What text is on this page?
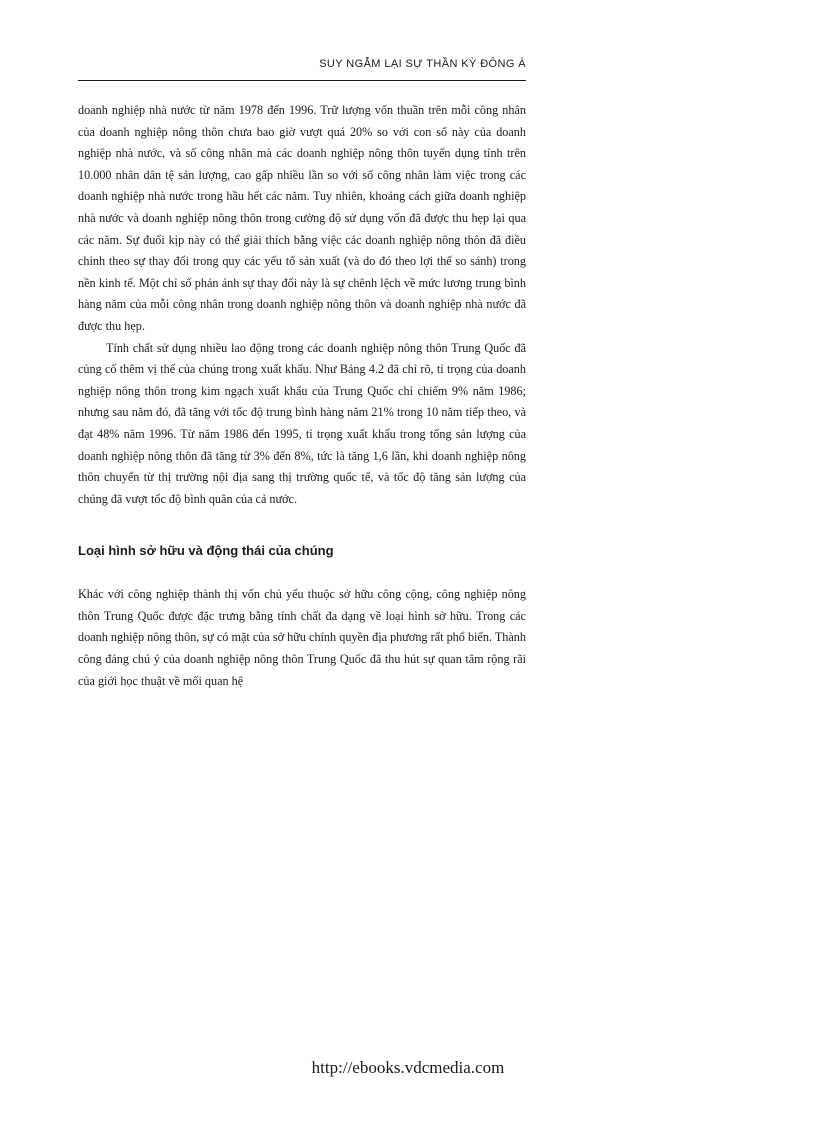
SUY NGẪM LẠI SỰ THẦN KỲ ĐÔNG Á

doanh nghiệp nhà nước từ năm 1978 đến 1996. Trữ lượng vốn thuần trên mỗi công nhân của doanh nghiệp nông thôn chưa bao giờ vượt quá 20% so với con số này của doanh nghiệp nhà nước, và số công nhân mà các doanh nghiệp nông thôn tuyển dụng tính trên 10.000 nhân dân tệ sản lượng, cao gấp nhiều lần so với số công nhân làm việc trong các doanh nghiệp nhà nước trong hầu hết các năm. Tuy nhiên, khoảng cách giữa doanh nghiệp nhà nước và doanh nghiệp nông thôn trong cường độ sử dụng vốn đã được thu hẹp lại qua các năm. Sự đuổi kịp này có thể giải thích bằng việc các doanh nghiệp nông thôn đã điều chỉnh theo sự thay đổi trong quy các yếu tố sản xuất (và do đó theo lợi thế so sánh) trong nền kinh tế. Một chỉ số phản ánh sự thay đổi này là sự chênh lệch về mức lương trung bình hàng năm của mỗi công nhân trong doanh nghiệp nông thôn và doanh nghiệp nhà nước đã được thu hẹp.

Tính chất sử dụng nhiều lao động trong các doanh nghiệp nông thôn Trung Quốc đã củng cố thêm vị thế của chúng trong xuất khẩu. Như Bảng 4.2 đã chỉ rõ, tỉ trọng của doanh nghiệp nông thôn trong kim ngạch xuất khẩu của Trung Quốc chỉ chiếm 9% năm 1986; nhưng sau năm đó, đã tăng với tốc độ trung bình hàng năm 21% trong 10 năm tiếp theo, và đạt 48% năm 1996. Từ năm 1986 đến 1995, tỉ trọng xuất khẩu trong tổng sản lượng của doanh nghiệp nông thôn đã tăng từ 3% đến 8%, tức là tăng 1,6 lần, khi doanh nghiệp nông thôn chuyển từ thị trường nội địa sang thị trường quốc tế, và tốc độ tăng sản lượng của chúng đã vượt tốc độ bình quân của cả nước.

Loại hình sở hữu và động thái của chúng

Khác với công nghiệp thành thị vốn chủ yếu thuộc sở hữu công cộng, công nghiệp nông thôn Trung Quốc được đặc trưng bằng tính chất đa dạng về loại hình sở hữu. Trong các doanh nghiệp nông thôn, sự có mặt của sở hữu chính quyền địa phương rất phổ biến. Thành công đáng chú ý của doanh nghiệp nông thôn Trung Quốc đã thu hút sự quan tâm rộng rãi của giới học thuật về mối quan hệ

http://ebooks.vdcmedia.com
